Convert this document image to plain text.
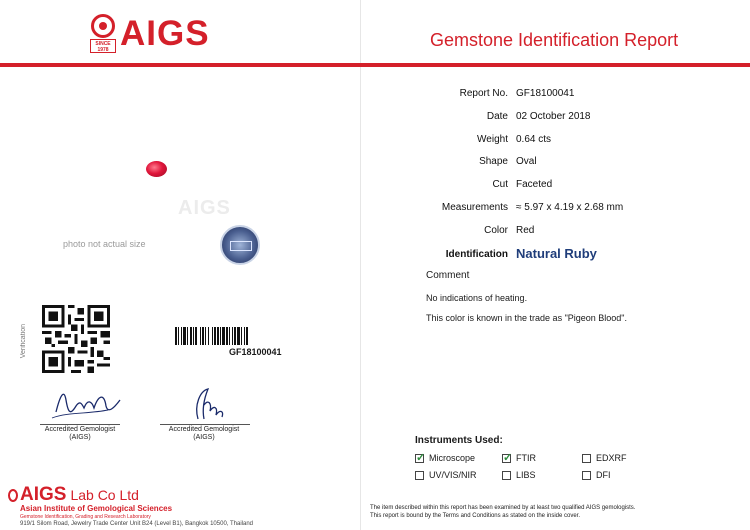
SINCE 1978 AIGS	Gemstone Identification Report
AIGS
photo not actual size
Verification	GF18100041
Accredited Gemologist
(AIGS)
Accredited Gemologist
(AIGS)
AIGS Lab Co Ltd
Asian Institute of Gemological Sciences
Gemstone Identification, Grading and Research Laboratory
919/1 Silom Road, Jewelry Trade Center Unit B24 (Level B1), Bangkok 10500, Thailand
Report No. GF18100041
Date 02 October 2018
Weight 0.64 cts
Shape Oval
Cut Faceted
Measurements ≈ 5.97 x 4.19 x 2.68 mm
Color Red
Identification Natural Ruby
Comment
No indications of heating.
This color is known in the trade as "Pigeon Blood".
Instruments Used:
✓
Microscope
✓	FTIR	EDXRF
UV/VIS/NIR	LIBS	DFI
The item described within this report has been examined by at least two qualified AIGS gemologists.
This report is bound by the Terms and Conditions as stated on the inside cover.
